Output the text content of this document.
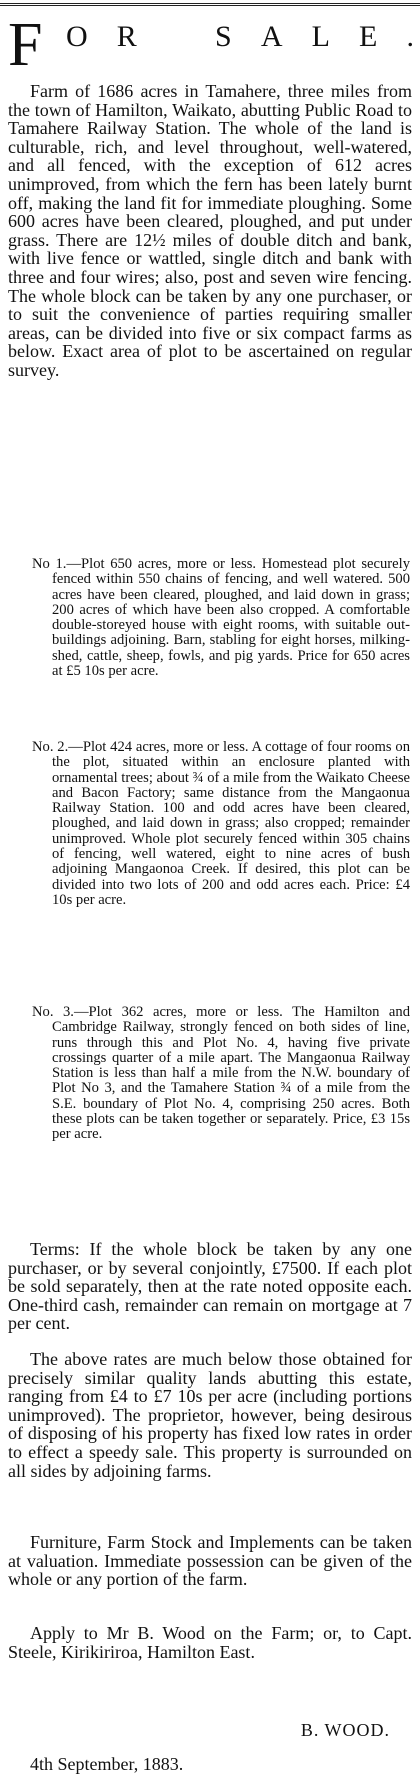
F O R	S A L E .

Farm of 1686 acres in Tamahere, three miles from the town of Hamilton, Waikato, abutting Public Road to Tamahere Railway Station. The whole of the land is culturable, rich, and level throughout, well-watered, and all fenced, with the exception of 612 acres unimproved, from which the fern has been lately burnt off, making the land fit for immediate ploughing. Some 600 acres have been cleared, ploughed, and put under grass. There are 12½ miles of double ditch and bank, with live fence or wattled, single ditch and bank with three and four wires; also, post and seven wire fencing. The whole block can be taken by any one purchaser, or to suit the convenience of parties requiring smaller areas, can be divided into five or six compact farms as below. Exact area of plot to be ascertained on regular survey.

No 1.—Plot 650 acres, more or less. Homestead plot securely fenced within 550 chains of fencing, and well watered. 500 acres have been cleared, ploughed, and laid down in grass; 200 acres of which have been also cropped. A comfortable double-storeyed house with eight rooms, with suitable out-buildings adjoining. Barn, stabling for eight horses, milking-shed, cattle, sheep, fowls, and pig yards. Price for 650 acres at £5 10s per acre.

No. 2.—Plot 424 acres, more or less. A cottage of four rooms on the plot, situated within an enclosure planted with ornamental trees; about ¾ of a mile from the Waikato Cheese and Bacon Factory; same distance from the Mangaonua Railway Station. 100 and odd acres have been cleared, ploughed, and laid down in grass; also cropped; remainder unimproved. Whole plot securely fenced within 305 chains of fencing, well watered, eight to nine acres of bush adjoining Mangaonoa Creek. If desired, this plot can be divided into two lots of 200 and odd acres each. Price: £4 10s per acre.

No. 3.—Plot 362 acres, more or less. The Hamilton and Cambridge Railway, strongly fenced on both sides of line, runs through this and Plot No. 4, having five private crossings quarter of a mile apart. The Mangaonua Railway Station is less than half a mile from the N.W. boundary of Plot No 3, and the Tamahere Station ¾ of a mile from the S.E. boundary of Plot No. 4, comprising 250 acres. Both these plots can be taken together or separately. Price, £3 15s per acre.

Terms: If the whole block be taken by any one purchaser, or by several conjointly, £7500. If each plot be sold separately, then at the rate noted opposite each. One-third cash, remainder can remain on mortgage at 7 per cent.

The above rates are much below those obtained for precisely similar quality lands abutting this estate, ranging from £4 to £7 10s per acre (including portions unimproved). The proprietor, however, being desirous of disposing of his property has fixed low rates in order to effect a speedy sale. This property is surrounded on all sides by adjoining farms.

Furniture, Farm Stock and Implements can be taken at valuation. Immediate possession can be given of the whole or any portion of the farm.

Apply to Mr B. Wood on the Farm; or, to Capt. Steele, Kirikiriroa, Hamilton East.

B. WOOD.
4th September, 1883.
